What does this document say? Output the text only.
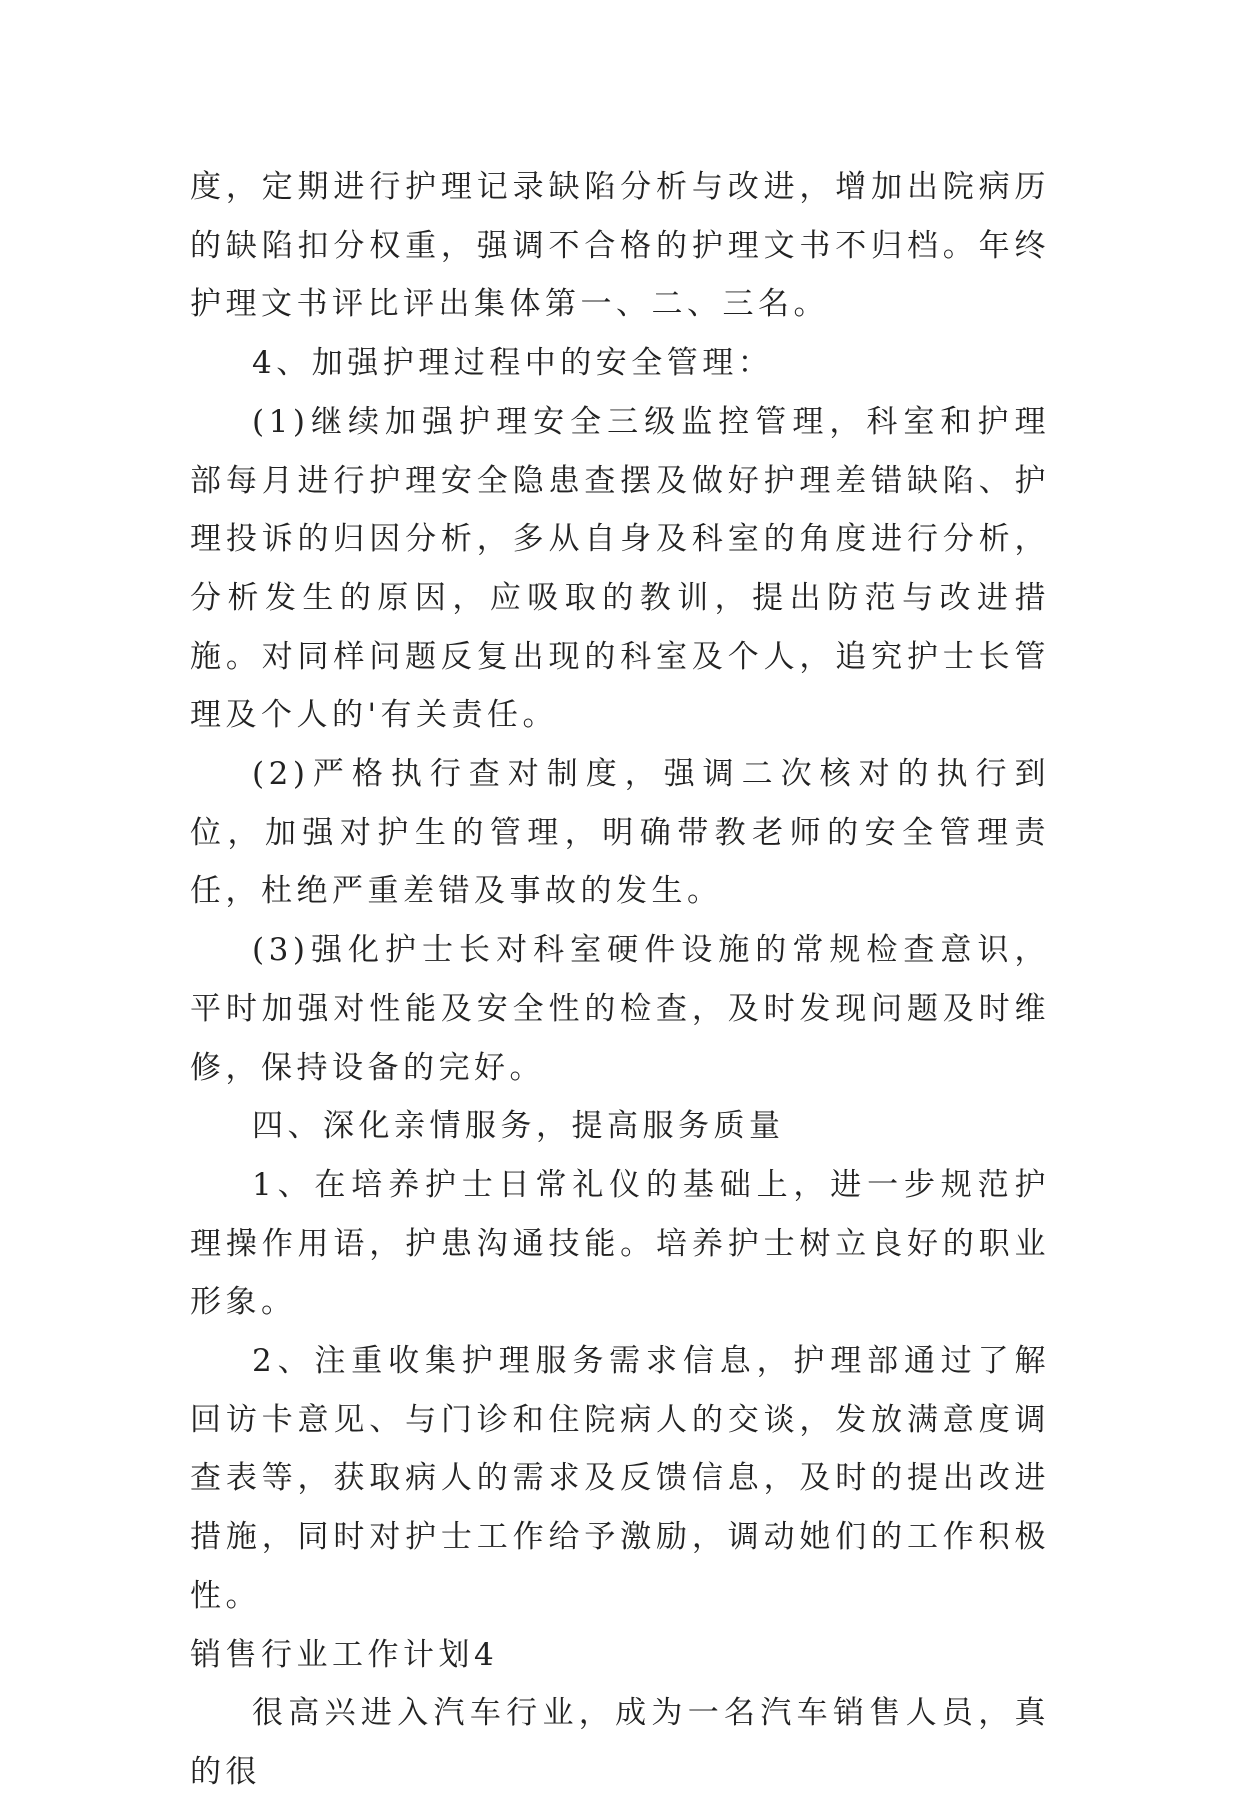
度，定期进行护理记录缺陷分析与改进，增加出院病历的缺陷扣分权重，强调不合格的护理文书不归档。年终护理文书评比评出集体第一、二、三名。

4、加强护理过程中的安全管理：

(1)继续加强护理安全三级监控管理，科室和护理部每月进行护理安全隐患查摆及做好护理差错缺陷、护理投诉的归因分析，多从自身及科室的角度进行分析，分析发生的原因，应吸取的教训，提出防范与改进措施。对同样问题反复出现的科室及个人，追究护士长管理及个人的'有关责任。

(2)严格执行查对制度，强调二次核对的执行到位，加强对护生的管理，明确带教老师的安全管理责任，杜绝严重差错及事故的发生。

(3)强化护士长对科室硬件设施的常规检查意识，平时加强对性能及安全性的检查，及时发现问题及时维修，保持设备的完好。

四、深化亲情服务，提高服务质量

1、在培养护士日常礼仪的基础上，进一步规范护理操作用语，护患沟通技能。培养护士树立良好的职业形象。

2、注重收集护理服务需求信息，护理部通过了解回访卡意见、与门诊和住院病人的交谈，发放满意度调查表等，获取病人的需求及反馈信息，及时的提出改进措施，同时对护士工作给予激励，调动她们的工作积极性。

销售行业工作计划4

很高兴进入汽车行业，成为一名汽车销售人员，真的很
